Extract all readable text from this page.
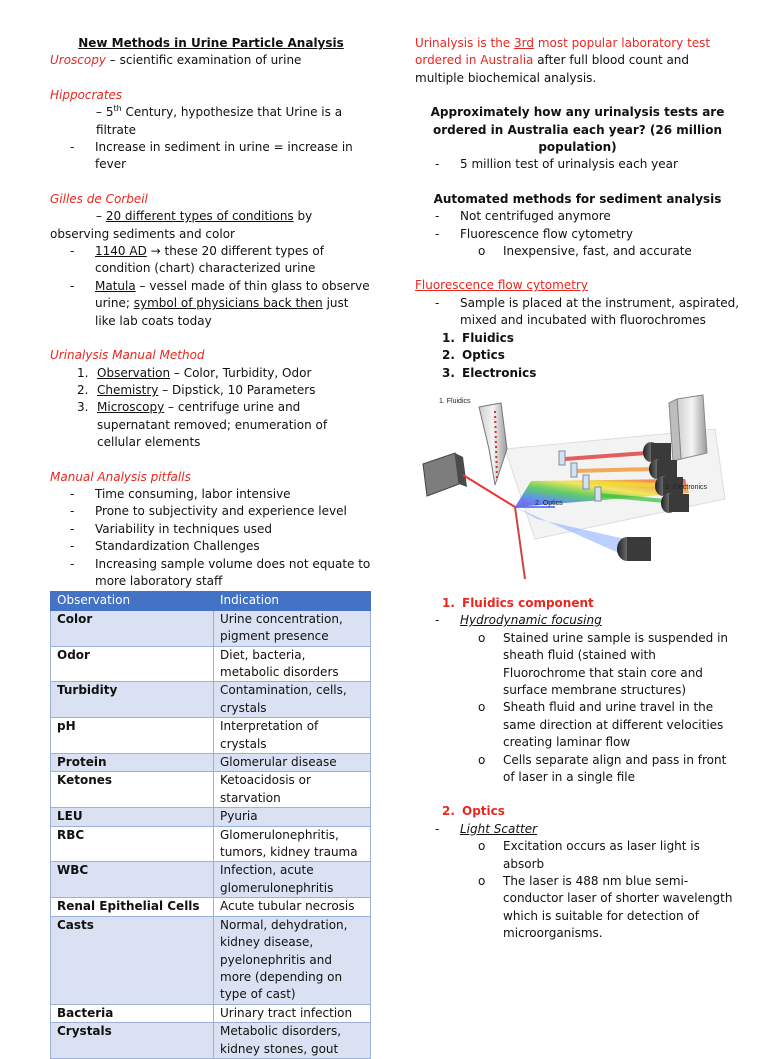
New Methods in Urine Particle Analysis
Uroscopy – scientific examination of urine
Hippocrates
– 5th Century, hypothesize that Urine is a filtrate
-	Increase in sediment in urine = increase in fever
Gilles de Corbeil
– 20 different types of conditions by observing sediments and color
-	1140 AD → these 20 different types of condition (chart) characterized urine
-	Matula – vessel made of thin glass to observe urine; symbol of physicians back then just like lab coats today
Urinalysis Manual Method
1. Observation – Color, Turbidity, Odor
2. Chemistry – Dipstick, 10 Parameters
3. Microscopy – centrifuge urine and supernatant removed; enumeration of cellular elements
Manual Analysis pitfalls
-	Time consuming, labor intensive
-	Prone to subjectivity and experience level
-	Variability in techniques used
-	Standardization Challenges
-	Increasing sample volume does not equate to more laboratory staff
Observation	Indication
Color	Urine concentration, pigment presence
Odor	Diet, bacteria, metabolic disorders
Turbidity	Contamination, cells, crystals
pH	Interpretation of crystals
Protein	Glomerular disease
Ketones	Ketoacidosis or starvation
LEU	Pyuria
RBC	Glomerulonephritis, tumors, kidney trauma
WBC	Infection, acute glomerulonephritis
Renal Epithelial Cells	Acute tubular necrosis
Casts	Normal, dehydration, kidney disease, pyelonephritis and more (depending on type of cast)
Bacteria	Urinary tract infection
Crystals	Metabolic disorders, kidney stones, gout
Urinalysis is the 3rd most popular laboratory test ordered in Australia after full blood count and multiple biochemical analysis.
Approximately how any urinalysis tests are ordered in Australia each year? (26 million population)
-	5 million test of urinalysis each year
Automated methods for sediment analysis
-	Not centrifuged anymore
-	Fluorescence flow cytometry
o	Inexpensive, fast, and accurate
Fluorescence flow cytometry
-	Sample is placed at the instrument, aspirated, mixed and incubated with fluorochromes
1. Fluidics
2. Optics
3. Electronics
1. Fluidics
2. Optics
3. Electronics
1. Fluidics component
-	Hydrodynamic focusing
o	Stained urine sample is suspended in sheath fluid (stained with Fluorochrome that stain core and surface membrane structures)
o	Sheath fluid and urine travel in the same direction at different velocities creating laminar flow
o	Cells separate align and pass in front of laser in a single file
2. Optics
-	Light Scatter
o	Excitation occurs as laser light is absorb
o	The laser is 488 nm blue semi-conductor laser of shorter wavelength which is suitable for detection of microorganisms.
